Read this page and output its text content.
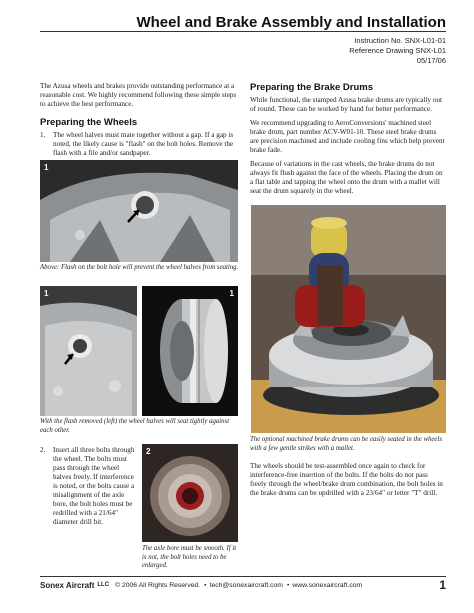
Wheel and Brake Assembly and Installation
Instruction No. SNX-L01-01
Reference Drawing SNX-L01
05/17/06

The Azusa wheels and brakes provide outstanding performance at a reasonable cost. We highly recommend following these simple steps to achieve the best performance.

Preparing the Wheels
1.	The wheel halves must mate together without a gap. If a gap is noted, the likely cause is "flash" on the bolt holes. Remove the flash with a file and/or sandpaper.
1

Above: Flash on the bolt hole will prevent the wheel halves from seating.

1	1

With the flash removed (left) the wheel halves will seat tightly against each other.

2.	Insert all three bolts through the wheel. The bolts must pass through the wheel halves freely. If interference is noted, or the bolts cause a misalignment of the axle bore, the bolt holes must be redrilled with a 21/64" diameter drill bit.
2

The axle bore must be smooth. If it is not, the bolt holes need to be enlarged.

Preparing the Brake Drums

While functional, the stamped Azusa brake drums are typically out of round. These can be worked by hand for better performance.

We recommend upgrading to AeroConversions' machined steel brake drum, part number ACV-W01-10. These steel brake drums are precision machined and include cooling fins which help prevent brake fade.

Because of variations in the cast wheels, the brake drums do not always fit flush against the face of the wheels. Placing the drum on a flat table and tapping the wheel onto the drum with a mallet will seat the drum squarely in the wheel.

The optional machined brake drums can be easily seated in the wheels with a few gentle strikes with a mallet.

The wheels should be test-assembled once again to check for interference-free insertion of the bolts. If the bolts do not pass freely through the wheel/brake drum combination, the bolt holes in the brake drums can be updrilled with a 23/64" or letter "T" drill.

Sonex Aircraft LLC © 2006 All Rights Reserved. • tech@sonexaircraft.com • www.sonexaircraft.com	1
